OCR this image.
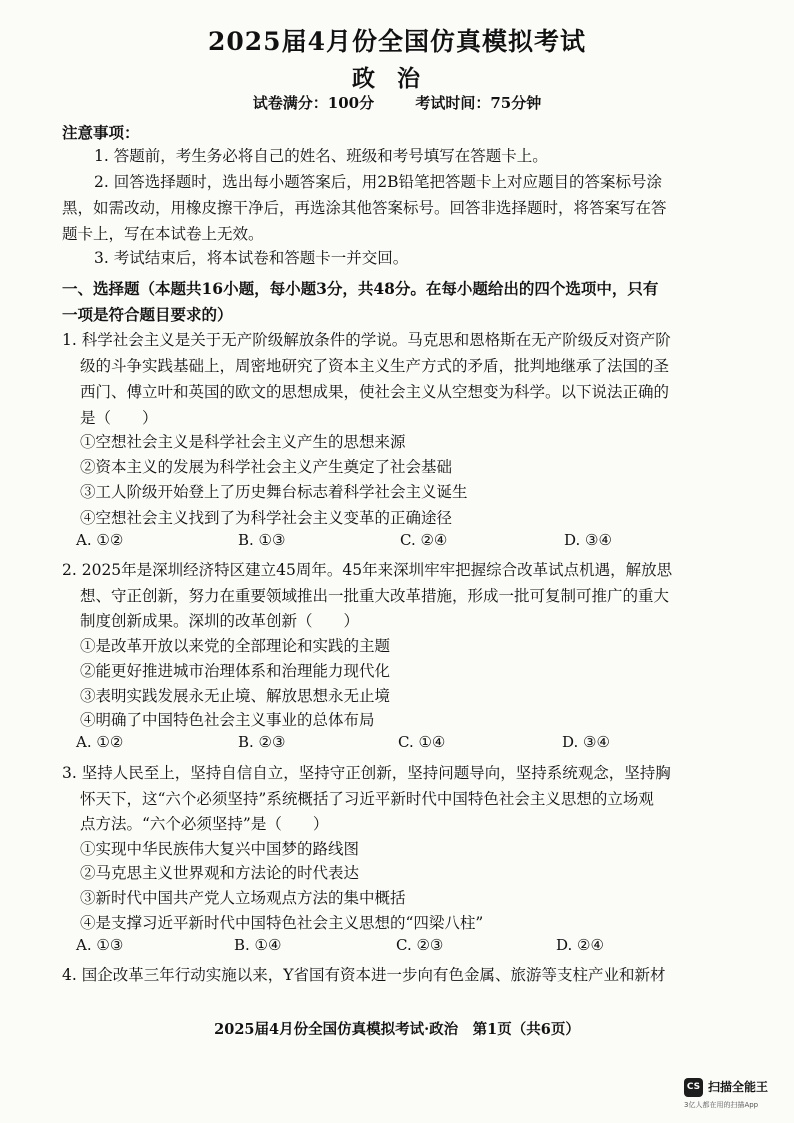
2025届4月份全国仿真模拟考试
政治
试卷满分：100分	考试时间：75分钟
注意事项：
1. 答题前，考生务必将自己的姓名、班级和考号填写在答题卡上。
2. 回答选择题时，选出每小题答案后，用2B铅笔把答题卡上对应题目的答案标号涂
黑，如需改动，用橡皮擦干净后，再选涂其他答案标号。回答非选择题时，将答案写在答
题卡上，写在本试卷上无效。
3. 考试结束后，将本试卷和答题卡一并交回。
一、选择题（本题共16小题，每小题3分，共48分。在每小题给出的四个选项中，只有
一项是符合题目要求的）
1. 科学社会主义是关于无产阶级解放条件的学说。马克思和恩格斯在无产阶级反对资产阶
级的斗争实践基础上，周密地研究了资本主义生产方式的矛盾，批判地继承了法国的圣
西门、傅立叶和英国的欧文的思想成果，使社会主义从空想变为科学。以下说法正确的
是（　　）
①空想社会主义是科学社会主义产生的思想来源
②资本主义的发展为科学社会主义产生奠定了社会基础
③工人阶级开始登上了历史舞台标志着科学社会主义诞生
④空想社会主义找到了为科学社会主义变革的正确途径
A. ①②	B. ①③	C. ②④	D. ③④
2. 2025年是深圳经济特区建立45周年。45年来深圳牢牢把握综合改革试点机遇，解放思
想、守正创新，努力在重要领域推出一批重大改革措施，形成一批可复制可推广的重大
制度创新成果。深圳的改革创新（　　）
①是改革开放以来党的全部理论和实践的主题
②能更好推进城市治理体系和治理能力现代化
③表明实践发展永无止境、解放思想永无止境
④明确了中国特色社会主义事业的总体布局
A. ①②	B. ②③	C. ①④	D. ③④
3. 坚持人民至上，坚持自信自立，坚持守正创新，坚持问题导向，坚持系统观念，坚持胸
怀天下，这“六个必须坚持”系统概括了习近平新时代中国特色社会主义思想的立场观
点方法。“六个必须坚持”是（　　）
①实现中华民族伟大复兴中国梦的路线图
②马克思主义世界观和方法论的时代表达
③新时代中国共产党人立场观点方法的集中概括
④是支撑习近平新时代中国特色社会主义思想的“四梁八柱”
A. ①③	B. ①④	C. ②③	D. ②④
4. 国企改革三年行动实施以来，Y省国有资本进一步向有色金属、旅游等支柱产业和新材
2025届4月份全国仿真模拟考试·政治　第1页（共6页）
CS 扫描全能王
3亿人都在用的扫描App
